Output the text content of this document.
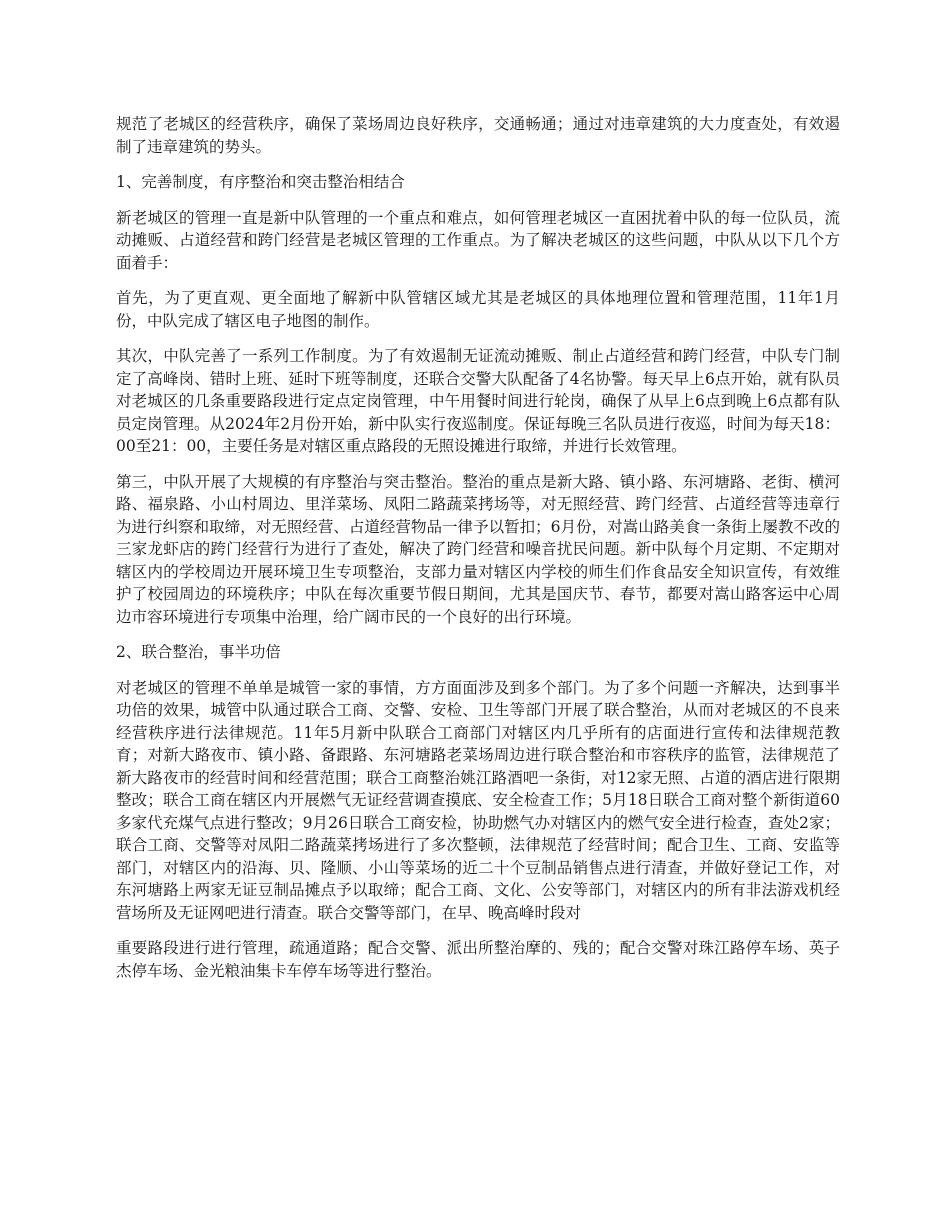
规范了老城区的经营秩序，确保了菜场周边良好秩序，交通畅通；通过对违章建筑的大力度查处，有效遏制了违章建筑的势头。

1、完善制度，有序整治和突击整治相结合

新老城区的管理一直是新中队管理的一个重点和难点，如何管理老城区一直困扰着中队的每一位队员，流动摊贩、占道经营和跨门经营是老城区管理的工作重点。为了解决老城区的这些问题，中队从以下几个方面着手：

首先，为了更直观、更全面地了解新中队管辖区域尤其是老城区的具体地理位置和管理范围，11年1月份，中队完成了辖区电子地图的制作。

其次，中队完善了一系列工作制度。为了有效遏制无证流动摊贩、制止占道经营和跨门经营，中队专门制定了高峰岗、错时上班、延时下班等制度，还联合交警大队配备了4名协警。每天早上6点开始，就有队员对老城区的几条重要路段进行定点定岗管理，中午用餐时间进行轮岗，确保了从早上6点到晚上6点都有队员定岗管理。从2024年2月份开始，新中队实行夜巡制度。保证每晚三名队员进行夜巡，时间为每天18：00至21：00，主要任务是对辖区重点路段的无照设摊进行取缔，并进行长效管理。

第三，中队开展了大规模的有序整治与突击整治。整治的重点是新大路、镇小路、东河塘路、老街、横河路、福泉路、小山村周边、里洋菜场、凤阳二路蔬菜拷场等，对无照经营、跨门经营、占道经营等违章行为进行纠察和取缔，对无照经营、占道经营物品一律予以暂扣；6月份，对嵩山路美食一条街上屡教不改的三家龙虾店的跨门经营行为进行了查处，解决了跨门经营和噪音扰民问题。新中队每个月定期、不定期对辖区内的学校周边开展环境卫生专项整治，支部力量对辖区内学校的师生们作食品安全知识宣传，有效维护了校园周边的环境秩序；中队在每次重要节假日期间，尤其是国庆节、春节，都要对嵩山路客运中心周边市容环境进行专项集中治理，给广阔市民的一个良好的出行环境。

2、联合整治，事半功倍

对老城区的管理不单单是城管一家的事情，方方面面涉及到多个部门。为了多个问题一齐解决，达到事半功倍的效果，城管中队通过联合工商、交警、安检、卫生等部门开展了联合整治，从而对老城区的不良来经营秩序进行法律规范。11年5月新中队联合工商部门对辖区内几乎所有的店面进行宣传和法律规范教育；对新大路夜市、镇小路、备跟路、东河塘路老菜场周边进行联合整治和市容秩序的监管，法律规范了新大路夜市的经营时间和经营范围；联合工商整治姚江路酒吧一条街，对12家无照、占道的酒店进行限期整改；联合工商在辖区内开展燃气无证经营调查摸底、安全检查工作；5月18日联合工商对整个新街道60多家代充煤气点进行整改；9月26日联合工商安检，协助燃气办对辖区内的燃气安全进行检查，查处2家；联合工商、交警等对凤阳二路蔬菜拷场进行了多次整顿，法律规范了经营时间；配合卫生、工商、安监等部门，对辖区内的沿海、贝、隆顺、小山等菜场的近二十个豆制品销售点进行清查，并做好登记工作，对东河塘路上两家无证豆制品摊点予以取缔；配合工商、文化、公安等部门，对辖区内的所有非法游戏机经营场所及无证网吧进行清查。联合交警等部门，在早、晚高峰时段对

重要路段进行进行管理，疏通道路；配合交警、派出所整治摩的、残的；配合交警对珠江路停车场、英子杰停车场、金光粮油集卡车停车场等进行整治。
